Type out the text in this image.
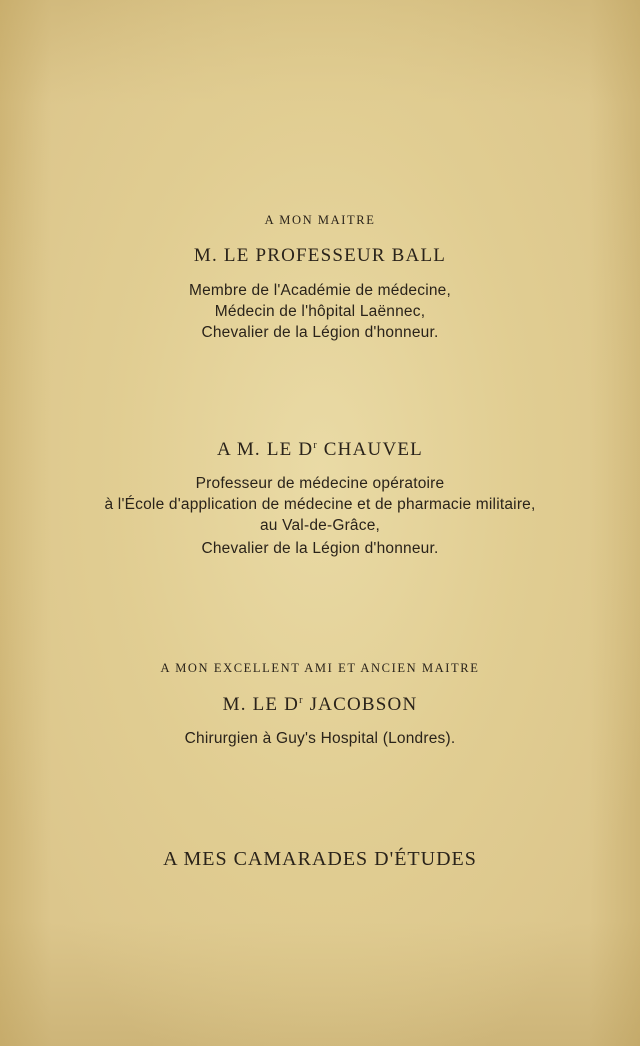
A MON MAITRE
M. LE PROFESSEUR BALL
Membre de l'Académie de médecine,
Médecin de l'hôpital Laënnec,
Chevalier de la Légion d'honneur.
A M. LE $D^r$ CHAUVEL
Professeur de médecine opératoire
à l'École d'application de médecine et de pharmacie militaire,
au Val-de-Grâce,
Chevalier de la Légion d'honneur.
A MON EXCELLENT AMI ET ANCIEN MAITRE
M. LE $D^r$ JACOBSON
Chirurgien à Guy's Hospital (Londres).
A MES CAMARADES D'ÉTUDES
